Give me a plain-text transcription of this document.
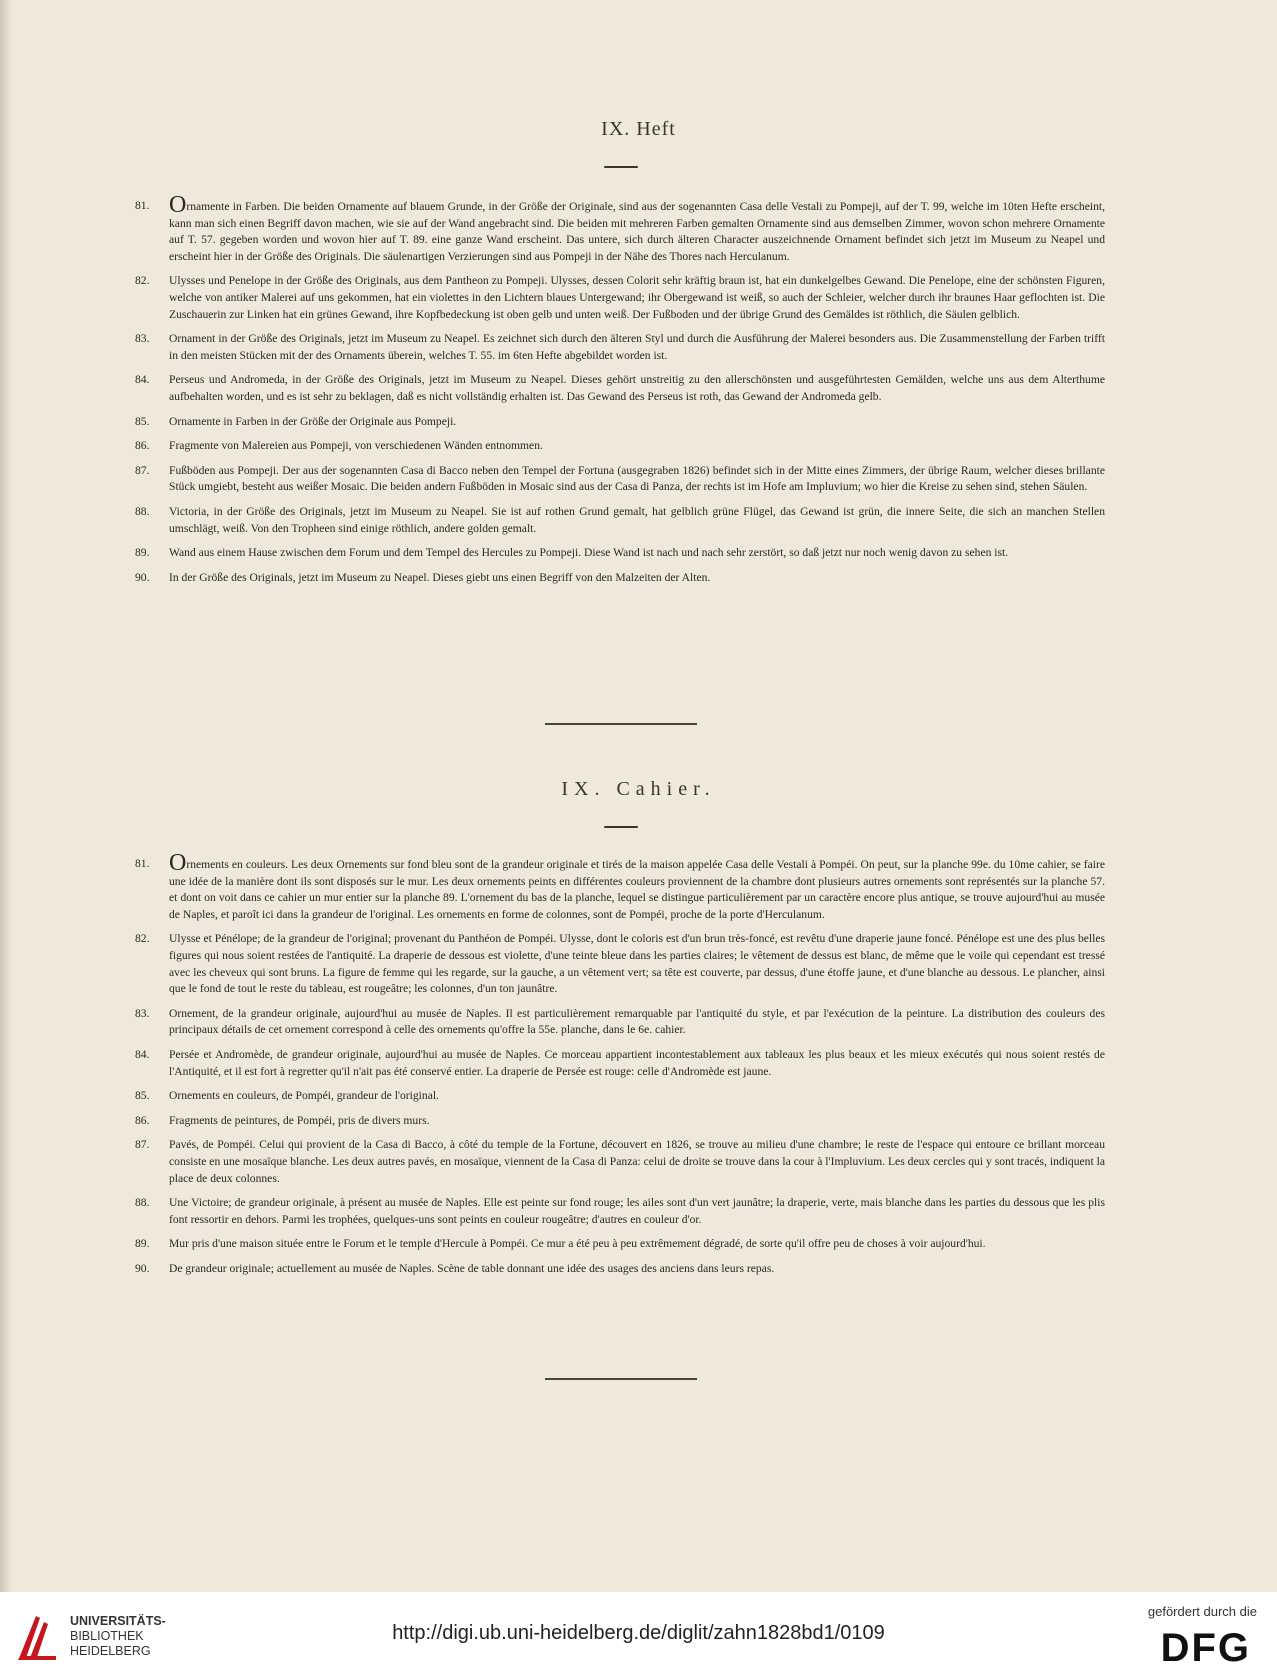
IX. Heft
81. Ornamente in Farben. Die beiden Ornamente auf blauem Grunde, in der Größe der Originale, sind aus der sogenannten Casa delle Vestali zu Pompeji, auf der T. 99, welche im 10ten Hefte erscheint, kann man sich einen Begriff davon machen, wie sie auf der Wand angebracht sind. Die beiden mit mehreren Farben gemalten Ornamente sind aus demselben Zimmer, wovon schon mehrere Ornamente auf T. 57. gegeben worden und wovon hier auf T. 89. eine ganze Wand erscheint. Das untere, sich durch älteren Character auszeichnende Ornament befindet sich jetzt im Museum zu Neapel und erscheint hier in der Größe des Originals. Die säulenartigen Verzierungen sind aus Pompeji in der Nähe des Thores nach Herculanum.
82. Ulysses und Penelope in der Größe des Originals, aus dem Pantheon zu Pompeji. Ulysses, dessen Colorit sehr kräftig braun ist, hat ein dunkelgelbes Gewand. Die Penelope, eine der schönsten Figuren, welche von antiker Malerei auf uns gekommen, hat ein violettes in den Lichtern blaues Untergewand; ihr Obergewand ist weiß, so auch der Schleier, welcher durch ihr braunes Haar geflochten ist. Die Zuschauerin zur Linken hat ein grünes Gewand, ihre Kopfbedeckung ist oben gelb und unten weiß. Der Fußboden und der übrige Grund des Gemäldes ist röthlich, die Säulen gelblich.
83. Ornament in der Größe des Originals, jetzt im Museum zu Neapel. Es zeichnet sich durch den älteren Styl und durch die Ausführung der Malerei besonders aus. Die Zusammenstellung der Farben trifft in den meisten Stücken mit der des Ornaments überein, welches T. 55. im 6ten Hefte abgebildet worden ist.
84. Perseus und Andromeda, in der Größe des Originals, jetzt im Museum zu Neapel. Dieses gehört unstreitig zu den allerschönsten und ausgeführtesten Gemälden, welche uns aus dem Alterthume aufbehalten worden, und es ist sehr zu beklagen, daß es nicht vollständig erhalten ist. Das Gewand des Perseus ist roth, das Gewand der Andromeda gelb.
85. Ornamente in Farben in der Größe der Originale aus Pompeji.
86. Fragmente von Malereien aus Pompeji, von verschiedenen Wänden entnommen.
87. Fußböden aus Pompeji. Der aus der sogenannten Casa di Bacco neben den Tempel der Fortuna (ausgegraben 1826) befindet sich in der Mitte eines Zimmers, der übrige Raum, welcher dieses brillante Stück umgiebt, besteht aus weißer Mosaic. Die beiden andern Fußböden in Mosaic sind aus der Casa di Panza, der rechts ist im Hofe am Impluvium; wo hier die Kreise zu sehen sind, stehen Säulen.
88. Victoria, in der Größe des Originals, jetzt im Museum zu Neapel. Sie ist auf rothen Grund gemalt, hat gelblich grüne Flügel, das Gewand ist grün, die innere Seite, die sich an manchen Stellen umschlägt, weiß. Von den Tropheen sind einige röthlich, andere golden gemalt.
89. Wand aus einem Hause zwischen dem Forum und dem Tempel des Hercules zu Pompeji. Diese Wand ist nach und nach sehr zerstört, so daß jetzt nur noch wenig davon zu sehen ist.
90. In der Größe des Originals, jetzt im Museum zu Neapel. Dieses giebt uns einen Begriff von den Malzeiten der Alten.
IX. Cahier.
81. Ornements en couleurs. Les deux Ornements sur fond bleu sont de la grandeur originale et tirés de la maison appelée Casa delle Vestali à Pompéi. On peut, sur la planche 99e. du 10me cahier, se faire une idée de la manière dont ils sont disposés sur le mur. Les deux ornements peints en différentes couleurs proviennent de la chambre dont plusieurs autres ornements sont représentés sur la planche 57. et dont on voit dans ce cahier un mur entier sur la planche 89. L'ornement du bas de la planche, lequel se distingue particulièrement par un caractère encore plus antique, se trouve aujourd'hui au musée de Naples, et paroît ici dans la grandeur de l'original. Les ornements en forme de colonnes, sont de Pompéi, proche de la porte d'Herculanum.
82. Ulysse et Pénélope; de la grandeur de l'original; provenant du Panthéon de Pompéi. Ulysse, dont le coloris est d'un brun très-foncé, est revêtu d'une draperie jaune foncé. Pénélope est une des plus belles figures qui nous soient restées de l'antiquité. La draperie de dessous est violette, d'une teinte bleue dans les parties claires; le vêtement de dessus est blanc, de même que le voile qui cependant est tressé avec les cheveux qui sont bruns. La figure de femme qui les regarde, sur la gauche, a un vêtement vert; sa tête est couverte, par dessus, d'une étoffe jaune, et d'une blanche au dessous. Le plancher, ainsi que le fond de tout le reste du tableau, est rougeâtre; les colonnes, d'un ton jaunâtre.
83. Ornement, de la grandeur originale, aujourd'hui au musée de Naples. Il est particulièrement remarquable par l'antiquité du style, et par l'exécution de la peinture. La distribution des couleurs des principaux détails de cet ornement correspond à celle des ornements qu'offre la 55e. planche, dans le 6e. cahier.
84. Persée et Andromède, de grandeur originale, aujourd'hui au musée de Naples. Ce morceau appartient incontestablement aux tableaux les plus beaux et les mieux exécutés qui nous soient restés de l'Antiquité, et il est fort à regretter qu'il n'ait pas été conservé entier. La draperie de Persée est rouge: celle d'Andromède est jaune.
85. Ornements en couleurs, de Pompéi, grandeur de l'original.
86. Fragments de peintures, de Pompéi, pris de divers murs.
87. Pavés, de Pompéi. Celui qui provient de la Casa di Bacco, à côté du temple de la Fortune, découvert en 1826, se trouve au milieu d'une chambre; le reste de l'espace qui entoure ce brillant morceau consiste en une mosaïque blanche. Les deux autres pavés, en mosaïque, viennent de la Casa di Panza: celui de droite se trouve dans la cour à l'Impluvium. Les deux cercles qui y sont tracés, indiquent la place de deux colonnes.
88. Une Victoire; de grandeur originale, à présent au musée de Naples. Elle est peinte sur fond rouge; les ailes sont d'un vert jaunâtre; la draperie, verte, mais blanche dans les parties du dessous que les plis font ressortir en dehors. Parmi les trophées, quelques-uns sont peints en couleur rougeâtre; d'autres en couleur d'or.
89. Mur pris d'une maison située entre le Forum et le temple d'Hercule à Pompéi. Ce mur a été peu à peu extrêmement dégradé, de sorte qu'il offre peu de choses à voir aujourd'hui.
90. De grandeur originale; actuellement au musée de Naples. Scène de table donnant une idée des usages des anciens dans leurs repas.
UNIVERSITÄTS-
BIBLIOTHEK
HEIDELBERG
http://digi.ub.uni-heidelberg.de/diglit/zahn1828bd1/0109
gefördert durch die
DFG
